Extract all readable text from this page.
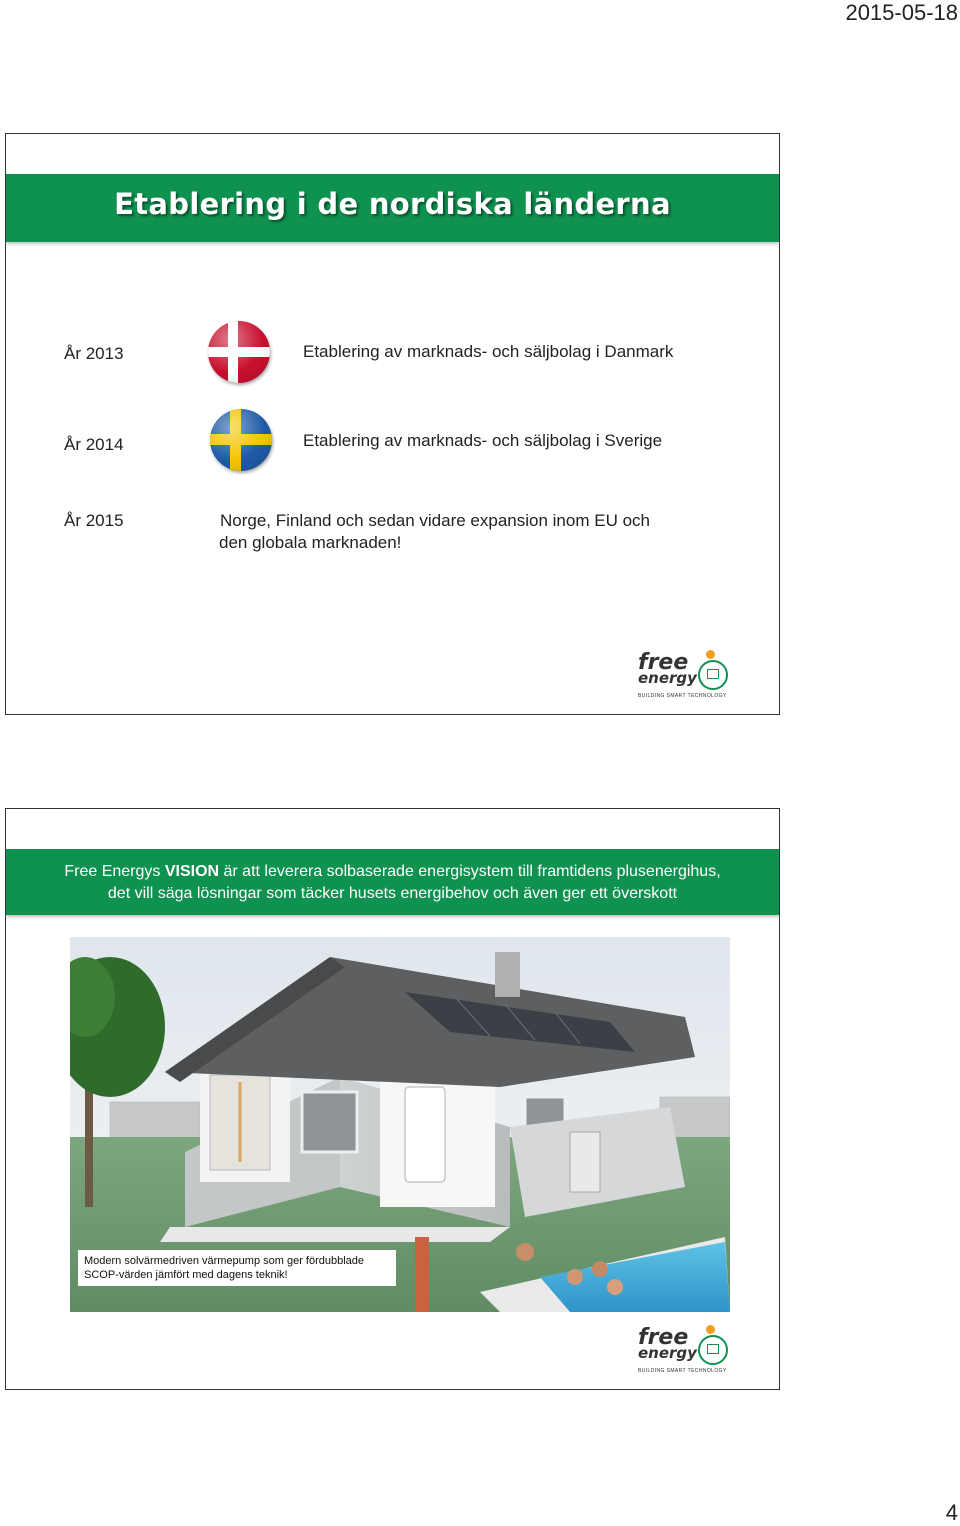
2015-05-18
Etablering i de nordiska länderna
År 2013	Etablering av marknads- och säljbolag i Danmark
År 2014	Etablering av marknads- och säljbolag i Sverige
År 2015	Norge, Finland och sedan vidare expansion inom EU och
den globala marknaden!
free
energy
BUILDING SMART TECHNOLOGY
Free Energys VISION är att leverera solbaserade energisystem till framtidens plusenergihus,
det vill säga lösningar som täcker husets energibehov och även ger ett överskott
Modern solvärmedriven värmepump som ger fördubblade
SCOP-värden jämfört med dagens teknik!
free
energy
BUILDING SMART TECHNOLOGY
4
